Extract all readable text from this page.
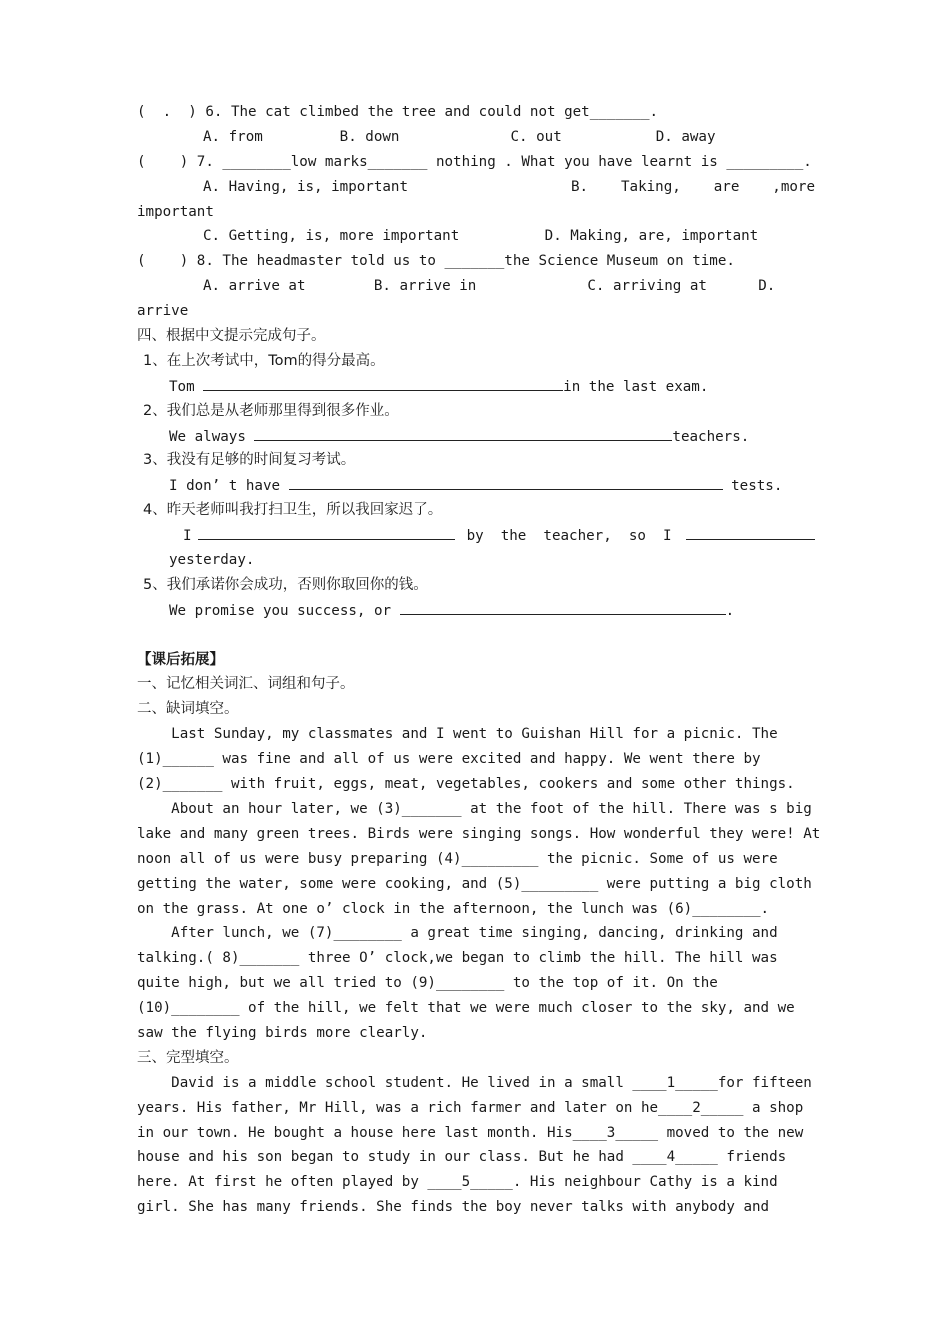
(  .  ) 6. The cat climbed the tree and could not get_______.
A. from         B. down             C. out           D. away
(    ) 7. ________low marks_______ nothing . What you have learnt is _________.
A. Having, is, important	B. Taking, are ,more
important
C. Getting, is, more important          D. Making, are, important
(    ) 8. The headmaster told us to _______the Science Museum on time.
A. arrive at        B. arrive in             C. arriving at      D.
arrive
四、根据中文提示完成句子。
1、在上次考试中，Tom的得分最高。
Tom	in the last exam.
2、我们总是从老师那里得到很多作业。
We always	teachers.
3、我没有足够的时间复习考试。
I don’ t have	tests.
4、昨天老师叫我打扫卫生，所以我回家迟了。
I	by  the  teacher,  so  I
yesterday.
5、我们承诺你会成功，否则你取回你的钱。
We promise you success, or	.
【课后拓展】
一、记忆相关词汇、词组和句子。
二、缺词填空。
Last Sunday, my classmates and I went to Guishan Hill for a picnic. The
(1)______ was fine and all of us were excited and happy. We went there by
(2)_______ with fruit, eggs, meat, vegetables, cookers and some other things.
About an hour later, we (3)_______ at the foot of the hill. There was s big
lake and many green trees. Birds were singing songs. How wonderful they were! At
noon all of us were busy preparing (4)_________ the picnic. Some of us were
getting the water, some were cooking, and (5)_________ were putting a big cloth
on the grass. At one o’ clock in the afternoon, the lunch was (6)________.
After lunch, we (7)________ a great time singing, dancing, drinking and
talking.( 8)_______ three O’ clock,we began to climb the hill. The hill was
quite high, but we all tried to (9)________ to the top of it. On the
(10)________ of the hill, we felt that we were much closer to the sky, and we
saw the flying birds more clearly.
三、完型填空。
David is a middle school student. He lived in a small ____1_____for fifteen
years. His father, Mr Hill, was a rich farmer and later on he____2_____ a shop
in our town. He bought a house here last month. His____3_____ moved to the new
house and his son began to study in our class. But he had ____4_____ friends
here. At first he often played by ____5_____. His neighbour Cathy is a kind
girl. She has many friends. She finds the boy never talks with anybody and
